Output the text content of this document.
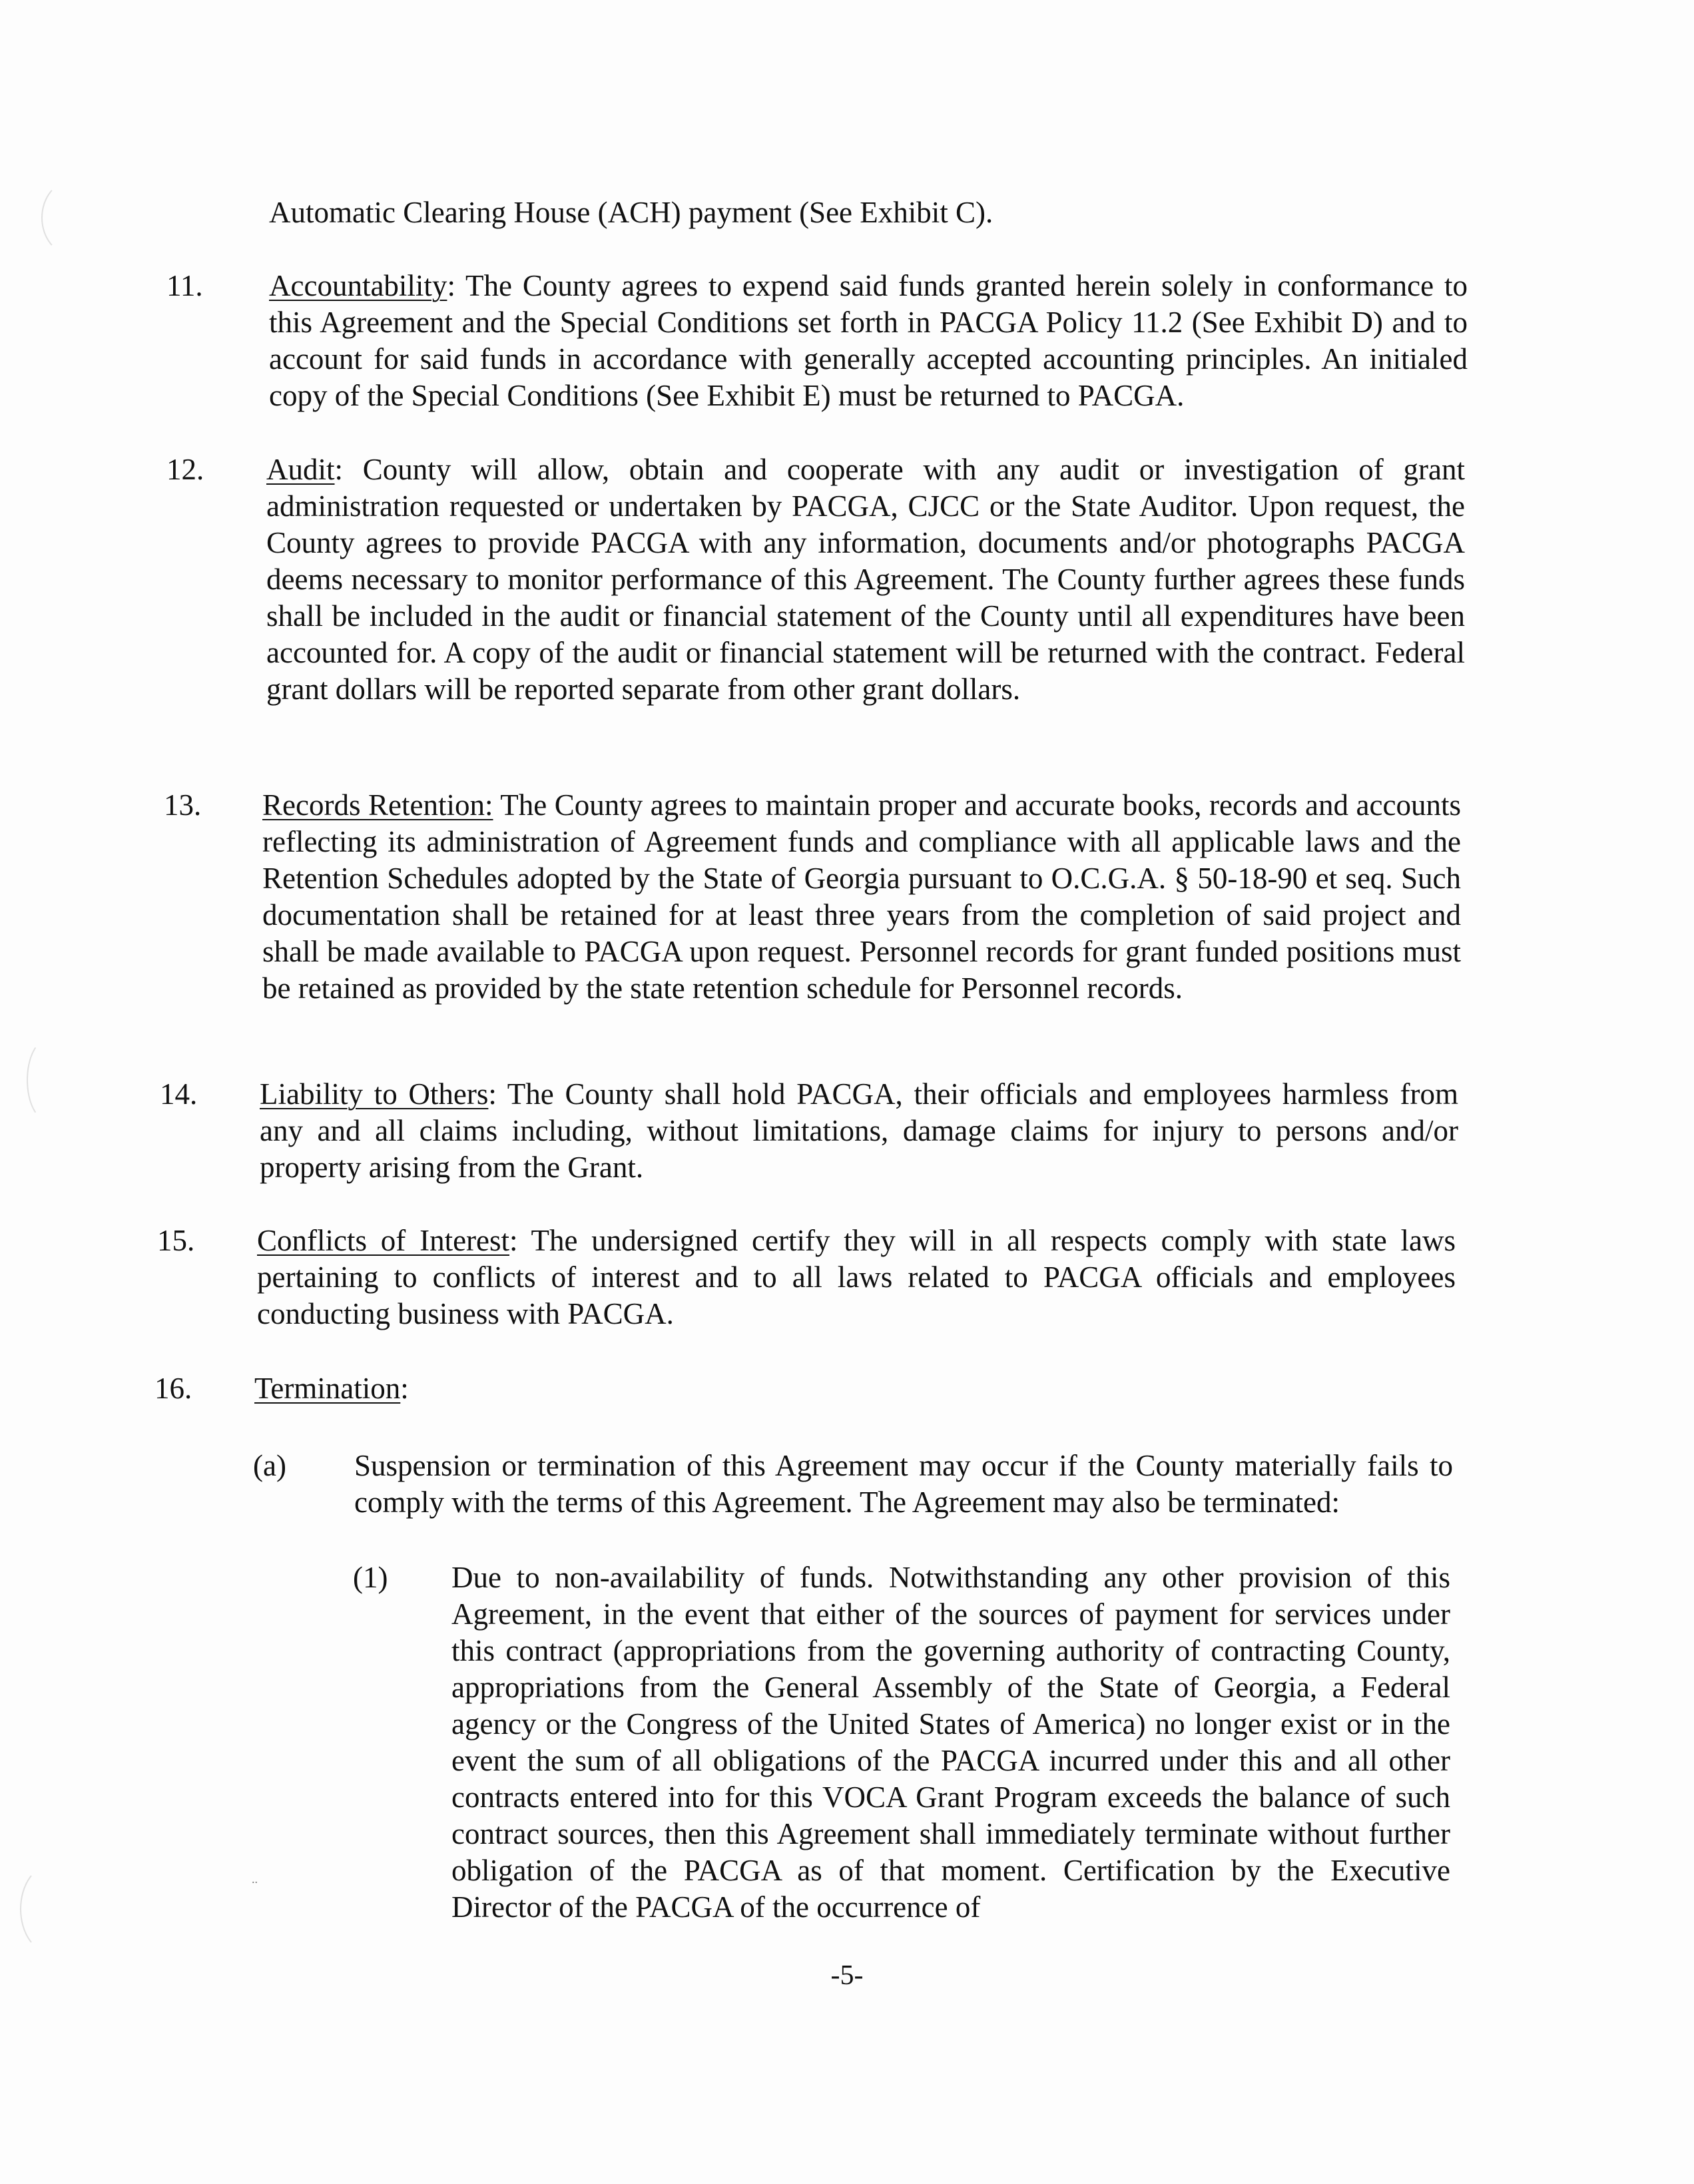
Automatic Clearing House (ACH) payment (See Exhibit C).

11. Accountability: The County agrees to expend said funds granted herein solely in conformance to this Agreement and the Special Conditions set forth in PACGA Policy 11.2 (See Exhibit D) and to account for said funds in accordance with generally accepted accounting principles. An initialed copy of the Special Conditions (See Exhibit E) must be returned to PACGA.

12. Audit: County will allow, obtain and cooperate with any audit or investigation of grant administration requested or undertaken by PACGA, CJCC or the State Auditor. Upon request, the County agrees to provide PACGA with any information, documents and/or photographs PACGA deems necessary to monitor performance of this Agreement. The County further agrees these funds shall be included in the audit or financial statement of the County until all expenditures have been accounted for. A copy of the audit or financial statement will be returned with the contract. Federal grant dollars will be reported separate from other grant dollars.

13. Records Retention: The County agrees to maintain proper and accurate books, records and accounts reflecting its administration of Agreement funds and compliance with all applicable laws and the Retention Schedules adopted by the State of Georgia pursuant to O.C.G.A. § 50-18-90 et seq. Such documentation shall be retained for at least three years from the completion of said project and shall be made available to PACGA upon request. Personnel records for grant funded positions must be retained as provided by the state retention schedule for Personnel records.

14. Liability to Others: The County shall hold PACGA, their officials and employees harmless from any and all claims including, without limitations, damage claims for injury to persons and/or property arising from the Grant.

15. Conflicts of Interest: The undersigned certify they will in all respects comply with state laws pertaining to conflicts of interest and to all laws related to PACGA officials and employees conducting business with PACGA.

16. Termination:

(a) Suspension or termination of this Agreement may occur if the County materially fails to comply with the terms of this Agreement. The Agreement may also be terminated:

(1) Due to non-availability of funds. Notwithstanding any other provision of this Agreement, in the event that either of the sources of payment for services under this contract (appropriations from the governing authority of contracting County, appropriations from the General Assembly of the State of Georgia, a Federal agency or the Congress of the United States of America) no longer exist or in the event the sum of all obligations of the PACGA incurred under this and all other contracts entered into for this VOCA Grant Program exceeds the balance of such contract sources, then this Agreement shall immediately terminate without further obligation of the PACGA as of that moment. Certification by the Executive Director of the PACGA of the occurrence of

..
-5-
